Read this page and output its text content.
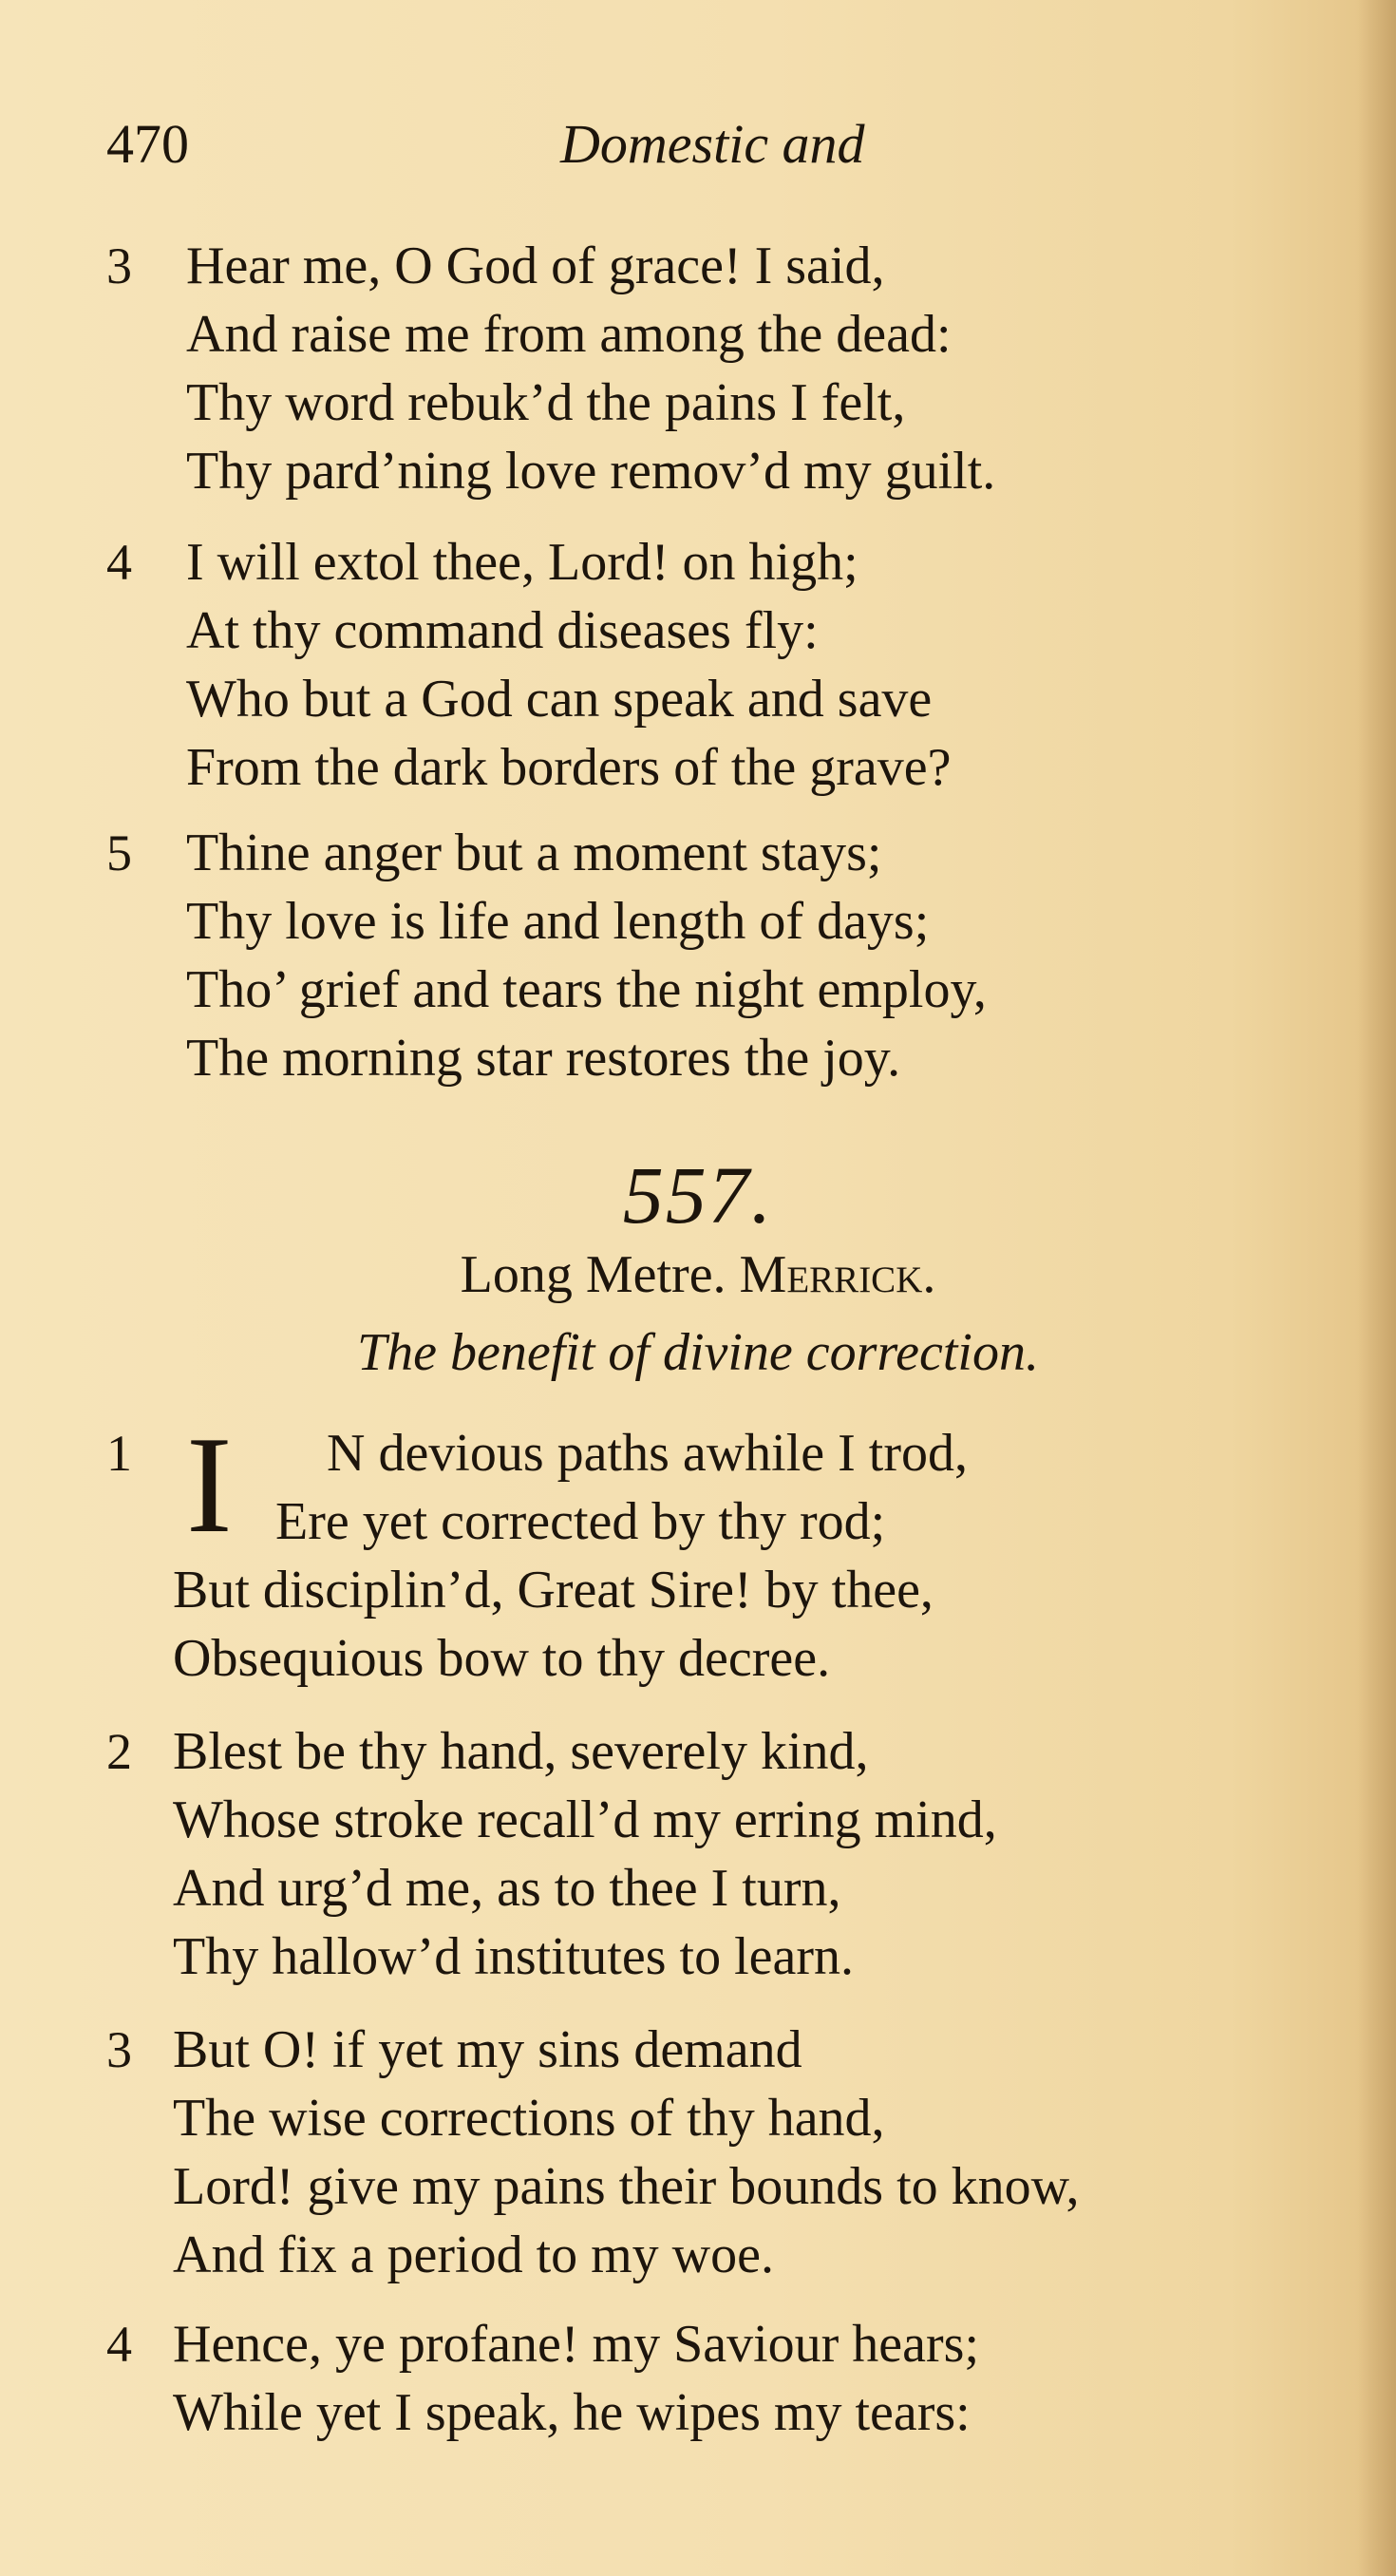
470	Domestic and
3	Hear me, O God of grace! I said,
And raise me from among the dead:
Thy word rebuk’d the pains I felt,
Thy pard’ning love remov’d my guilt.
4	I will extol thee, Lord! on high;
At thy command diseases fly:
Who but a God can speak and save
From the dark borders of the grave?
5	Thine anger but a moment stays;
Thy love is life and length of days;
Tho’ grief and tears the night employ,
The morning star restores the joy.
557.
Long Metre. Merrick.
The benefit of divine correction.
1 I	N devious paths awhile I trod,
Ere yet corrected by thy rod;
But disciplin’d, Great Sire! by thee,
Obsequious bow to thy decree.
2 Blest be thy hand, severely kind,
Whose stroke recall’d my erring mind,
And urg’d me, as to thee I turn,
Thy hallow’d institutes to learn.
3 But O! if yet my sins demand
The wise corrections of thy hand,
Lord! give my pains their bounds to know,
And fix a period to my woe.
4 Hence, ye profane! my Saviour hears;
While yet I speak, he wipes my tears:
